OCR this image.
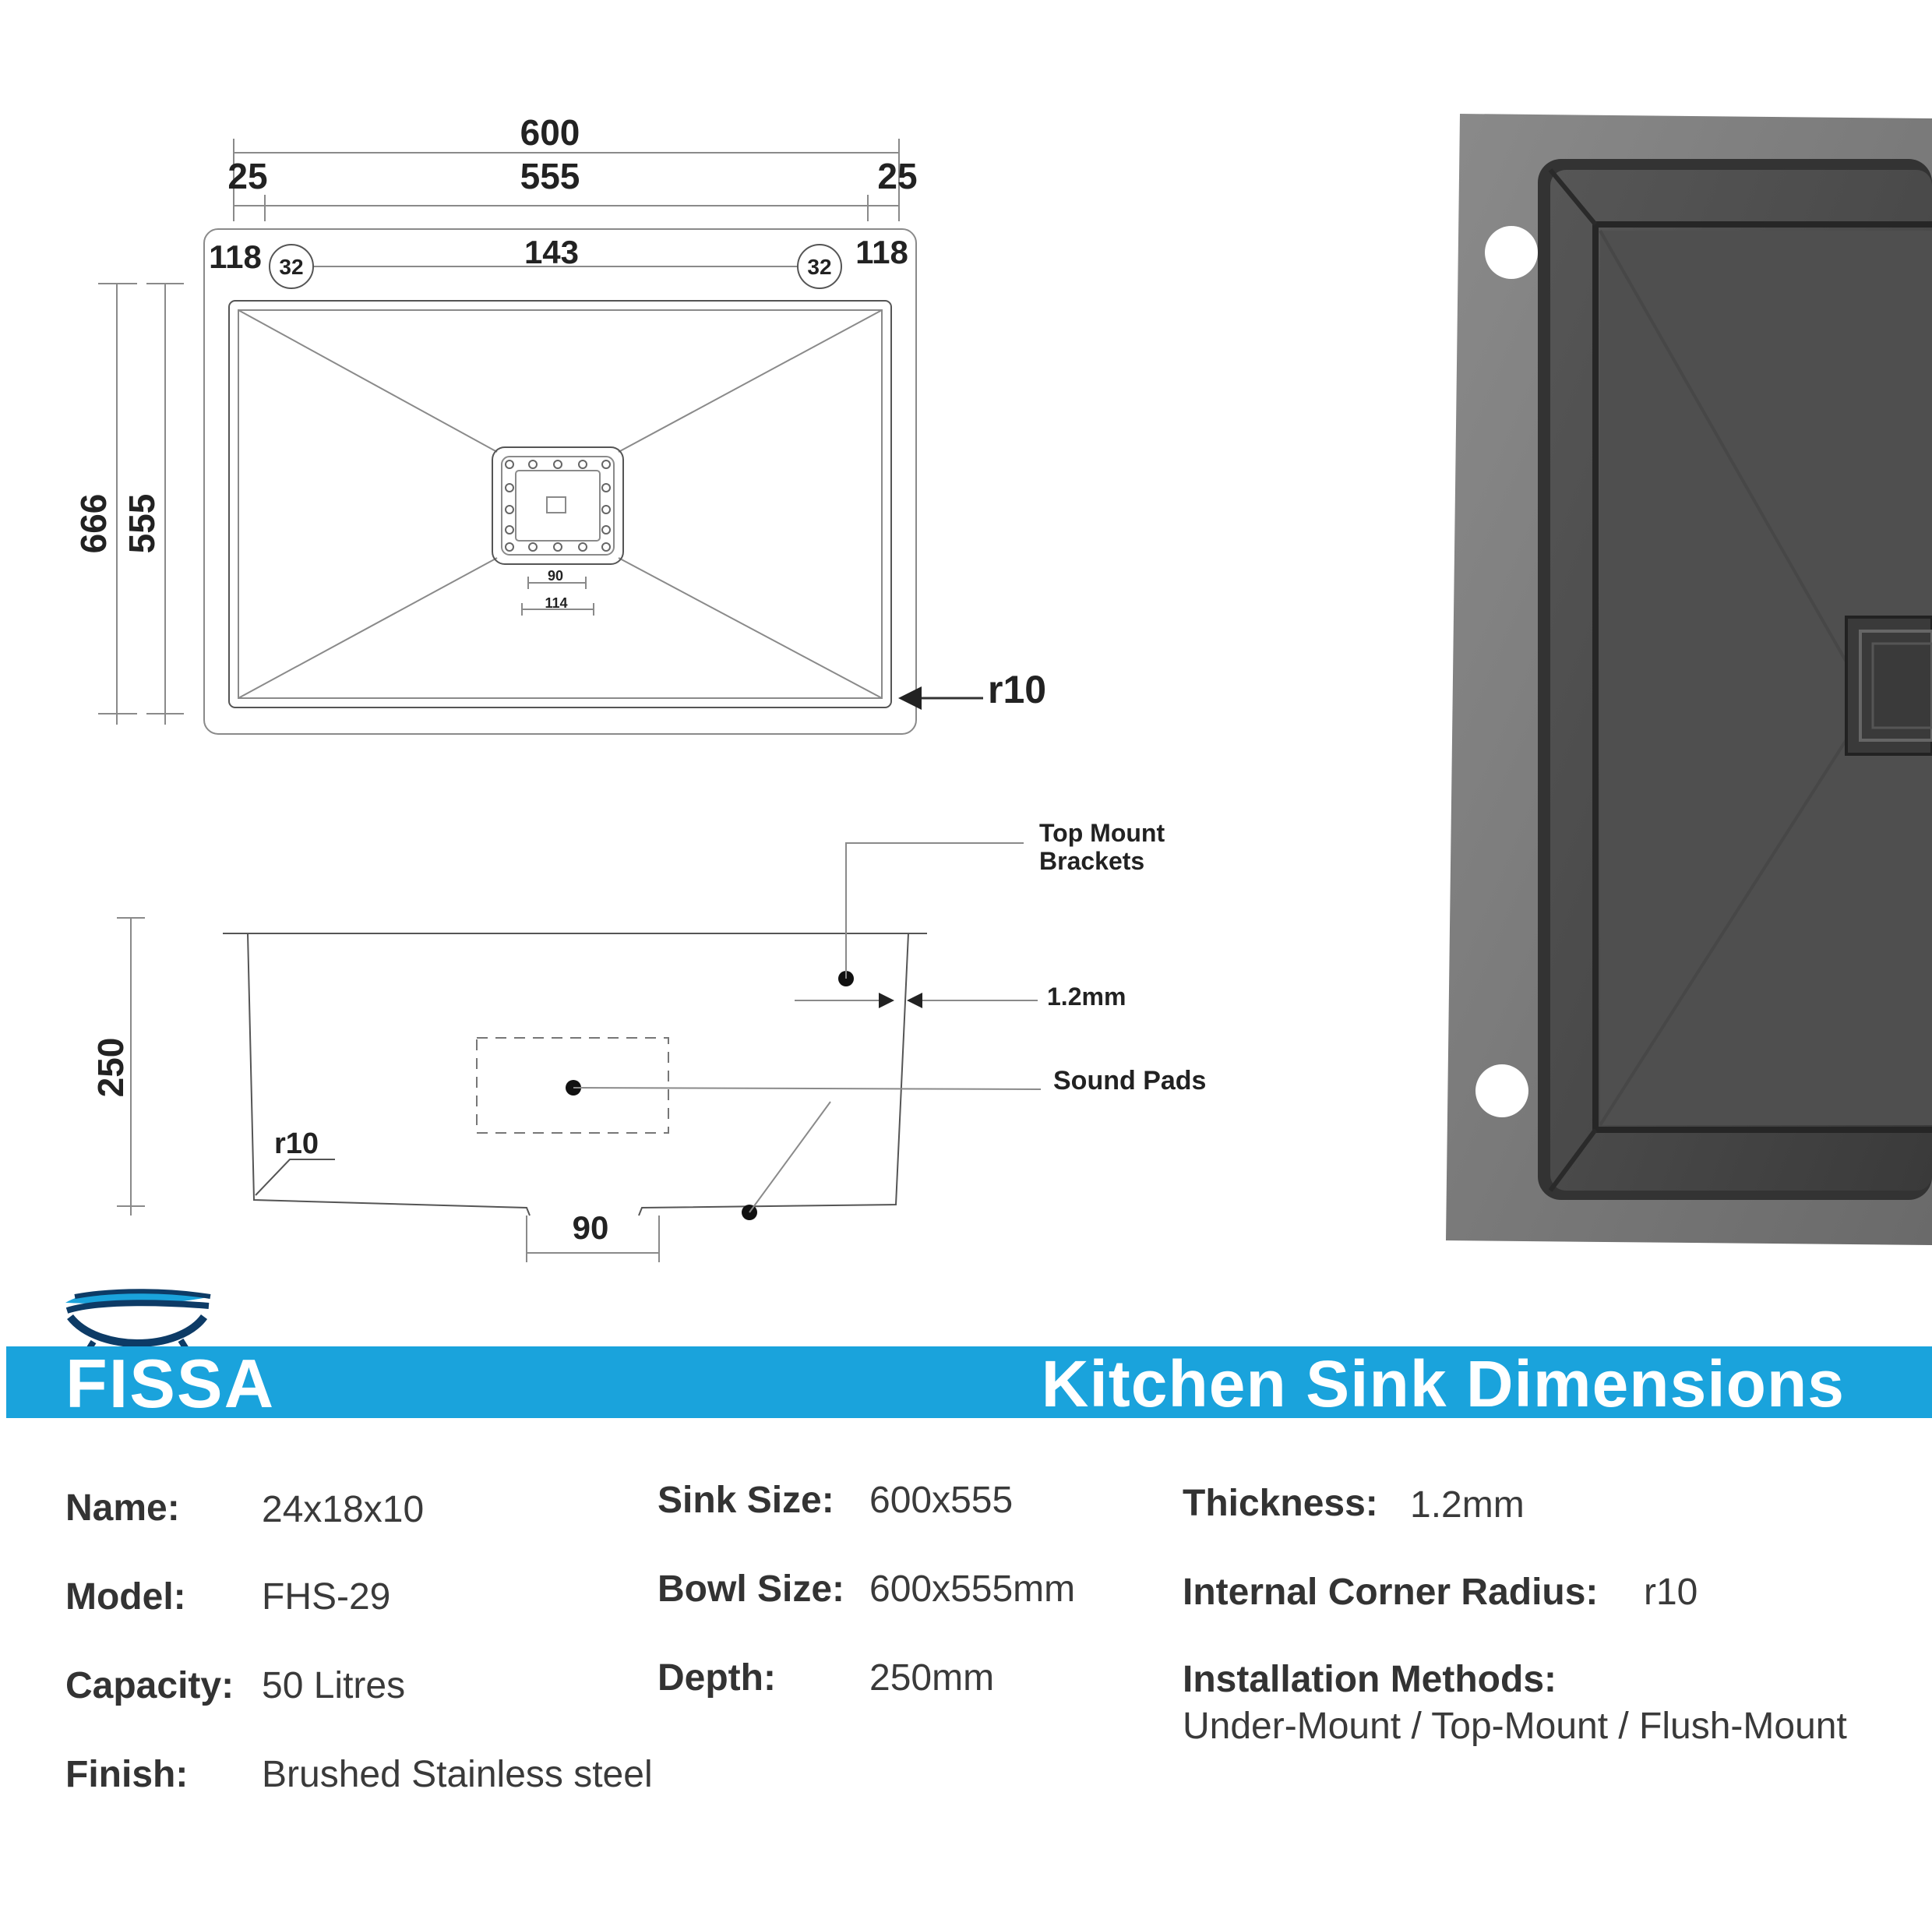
600
555
25	25
32	32
118	118
143
90
114
666 555
r10
250
90
r10
Sound Pads
Top Mount
Brackets
1.2mm
FISSA	Kitchen Sink Dimensions
Name: 24x18x10
Model: FHS-29
Capacity: 50 Litres
Finish: Brushed Stainless steel
Sink Size: 600x555
Bowl Size: 600x555mm
Depth:	250mm
Thickness: 1.2mm
Internal Corner Radius: r10
Installation Methods:
Under-Mount / Top-Mount / Flush-Mount
